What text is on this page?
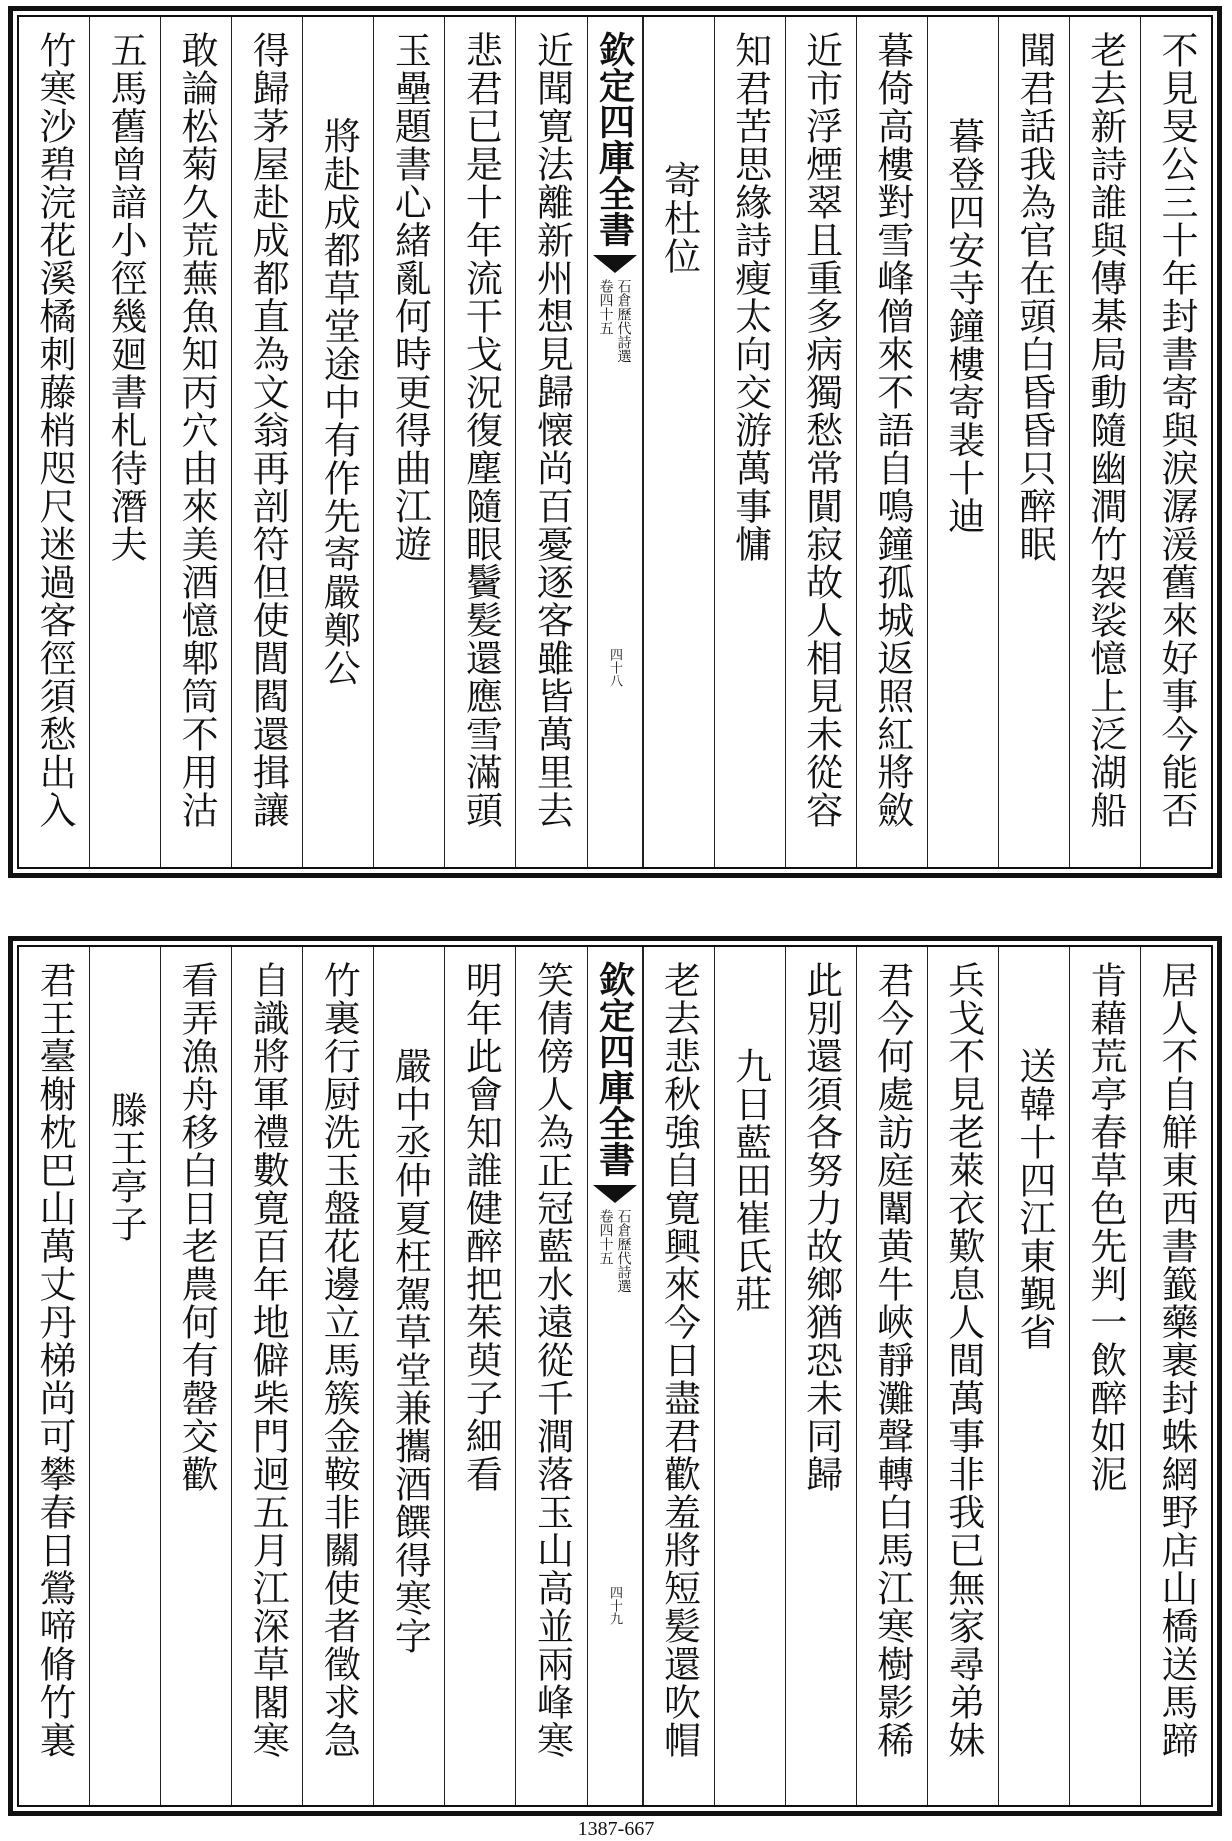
不見旻公三十年封書寄與淚潺湲舊來好事今能否
老去新詩誰與傳棊局動隨幽澗竹袈裟憶上泛湖船
聞君話我為官在頭白昏昏只醉眠
暮登四安寺鐘樓寄裴十迪
暮倚高樓對雪峰僧來不語自鳴鐘孤城返照紅將斂
近市浮煙翠且重多病獨愁常閴寂故人相見未從容
知君苦思緣詩瘦太向交游萬事慵
寄杜位
欽定四庫全書
石倉歷代詩選
卷四十五
四十八
近聞寛法離新州想見歸懐尚百憂逐客雖皆萬里去
悲君已是十年流干戈況復塵隨眼鬢髪還應雪滿頭
玉壘題書心緒亂何時更得曲江遊
將赴成都草堂途中有作先寄嚴鄭公
得歸茅屋赴成都直為文翁再剖符但使閭閻還揖讓
敢論松菊久荒蕪魚知丙穴由來美酒憶郫筒不用沽
五馬舊曾諳小徑幾廻書札待潛夫
竹寒沙碧浣花溪橘刺藤梢咫尺迷過客徑須愁出入
居人不自觧東西書籖藥裹封蛛網野店山橋送馬蹄
肯藉荒亭春草色先判一飲醉如泥
送韓十四江東覲省
兵戈不見老萊衣歎息人間萬事非我已無家尋弟妹
君今何處訪庭闈黄牛峽靜灘聲轉白馬江寒樹影稀
此別還須各努力故鄉猶恐未同歸
九日藍田崔氏莊
老去悲秋強自寛興來今日盡君歡羞將短髪還吹帽
欽定四庫全書
石倉歷代詩選
卷四十五
四十九
笑倩傍人為正冠藍水遠從千澗落玉山高並兩峰寒
明年此會知誰健醉把茱萸子細看
嚴中丞仲夏枉駕草堂兼攜酒饌得寒字
竹裏行厨洗玉盤花邊立馬簇金鞍非關使者徵求急
自識將軍禮數寛百年地僻柴門迥五月江深草閣寒
看弄漁舟移白日老農何有罄交歡
滕王亭子
君王臺榭枕巴山萬丈丹梯尚可攀春日鶯啼脩竹裏
1387-667
